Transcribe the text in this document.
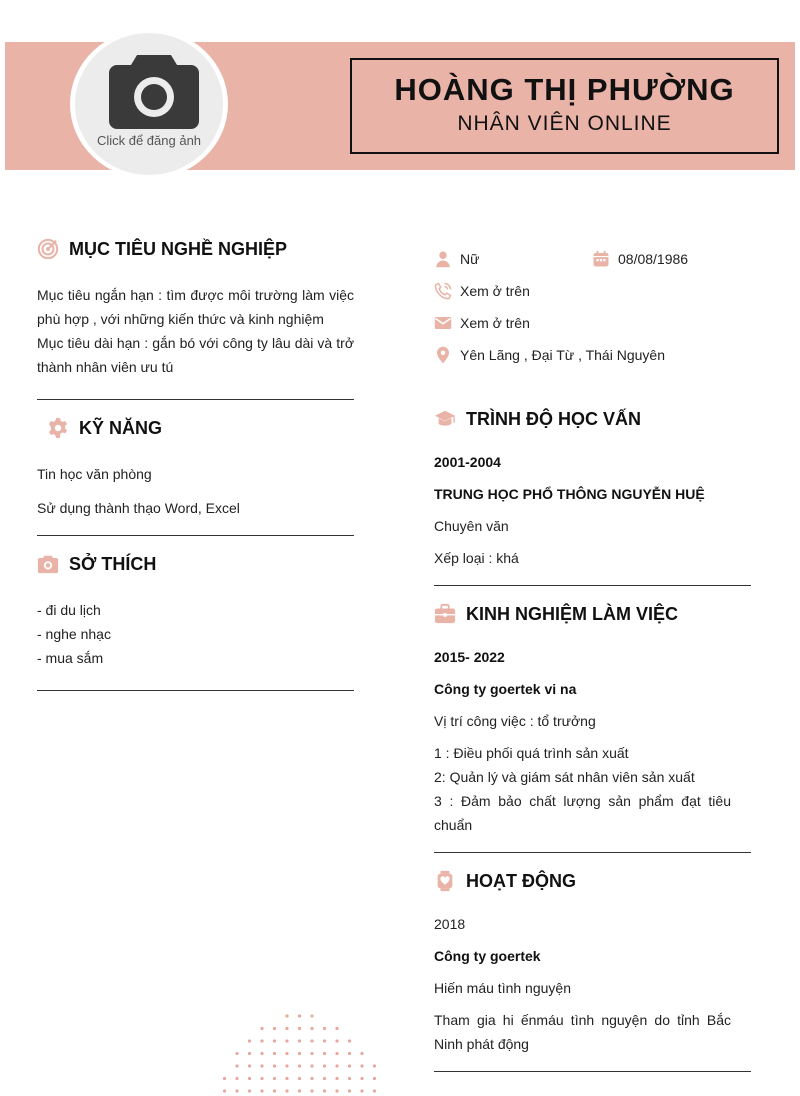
Click để đăng ảnh
HOÀNG THỊ PHƯỜNG
NHÂN VIÊN ONLINE
MỤC TIÊU NGHỀ NGHIỆP
Mục tiêu ngắn hạn : tìm được môi trường làm việc phù hợp , với những kiến thức và kinh nghiệm
Mục tiêu dài hạn : gắn bó với công ty lâu dài và trở thành nhân viên ưu tú
KỸ NĂNG
Tin học văn phòng
Sử dụng thành thạo Word, Excel
SỞ THÍCH
- đi du lịch
- nghe nhạc
- mua sắm
Nữ	08/08/1986
Xem ở trên
Xem ở trên
Yên Lãng , Đại Từ , Thái Nguyên
TRÌNH ĐỘ HỌC VẤN
2001-2004
TRUNG HỌC PHỔ THÔNG NGUYỄN HUỆ
Chuyên văn
Xếp loại : khá
KINH NGHIỆM LÀM VIỆC
2015- 2022
Công ty goertek vi na
Vị trí công việc : tổ trưởng
1 : Điều phối quá trình sản xuất
2: Quản lý và giám sát nhân viên sản xuất
3 : Đảm bảo chất lượng sản phẩm đạt tiêu chuẩn
HOẠT ĐỘNG
2018
Công ty goertek
Hiến máu tình nguyện
Tham gia hi ếnmáu tình nguyện do tỉnh Bắc Ninh phát động
